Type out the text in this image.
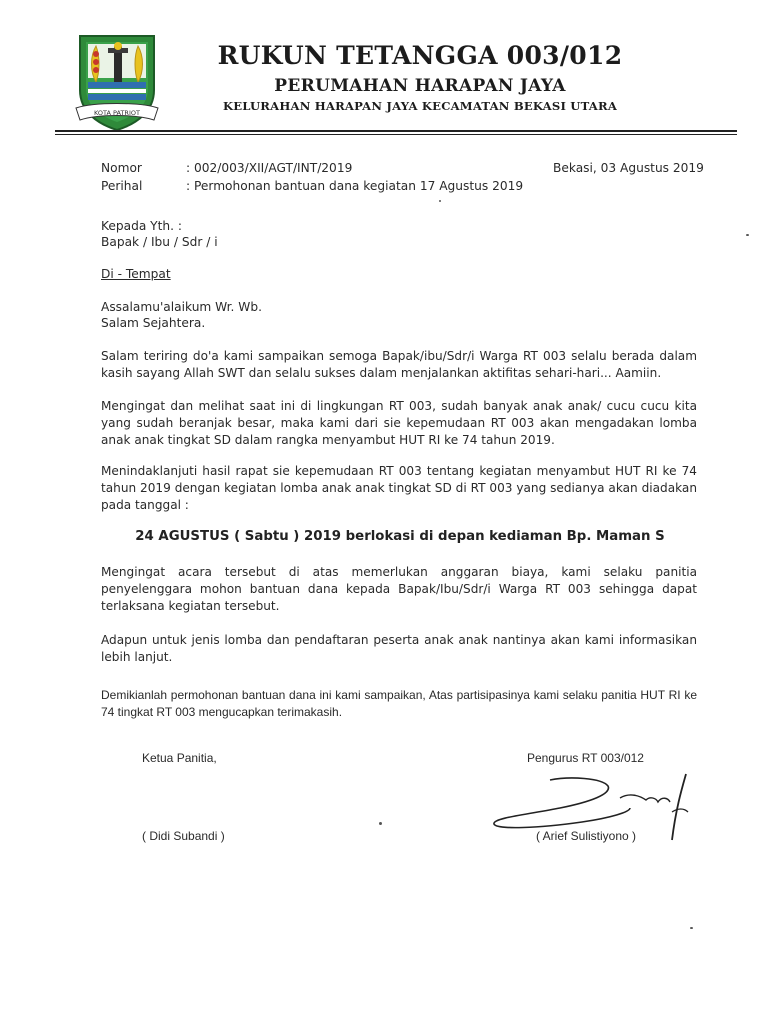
KOTA PATRIOT
RUKUN TETANGGA 003/012
PERUMAHAN HARAPAN JAYA
KELURAHAN HARAPAN JAYA KECAMATAN BEKASI UTARA
Nomor	: 002/003/XII/AGT/INT/2019
Perihal	: Permohonan bantuan dana kegiatan 17 Agustus 2019
Bekasi, 03 Agustus 2019
Kepada Yth. :
Bapak / Ibu / Sdr / i
Di - Tempat
Assalamu'alaikum Wr. Wb.
Salam Sejahtera.
Salam teriring do'a kami sampaikan semoga Bapak/ibu/Sdr/i Warga RT 003 selalu berada dalam kasih sayang Allah SWT dan selalu sukses dalam menjalankan aktifitas sehari-hari... Aamiin.
Mengingat dan melihat saat ini di lingkungan RT 003, sudah banyak anak anak/ cucu cucu kita yang sudah beranjak besar, maka kami dari sie kepemudaan RT 003 akan mengadakan lomba anak anak tingkat SD dalam rangka menyambut HUT RI ke 74 tahun 2019.
Menindaklanjuti hasil rapat sie kepemudaan RT 003 tentang kegiatan menyambut HUT RI ke 74 tahun 2019 dengan kegiatan lomba anak anak tingkat SD di RT 003 yang sedianya akan diadakan pada tanggal :
24 AGUSTUS ( Sabtu ) 2019 berlokasi di depan kediaman Bp. Maman S
Mengingat acara tersebut di atas memerlukan anggaran biaya, kami selaku panitia penyelenggara mohon bantuan dana kepada Bapak/Ibu/Sdr/i Warga RT 003 sehingga dapat terlaksana kegiatan tersebut.
Adapun untuk jenis lomba dan pendaftaran peserta anak anak nantinya akan kami informasikan lebih lanjut.
Demikianlah permohonan bantuan dana ini kami sampaikan, Atas partisipasinya kami selaku panitia HUT RI ke 74 tingkat RT 003 mengucapkan terimakasih.
Ketua Panitia,
( Didi Subandi )
Pengurus RT 003/012
( Arief Sulistiyono )
